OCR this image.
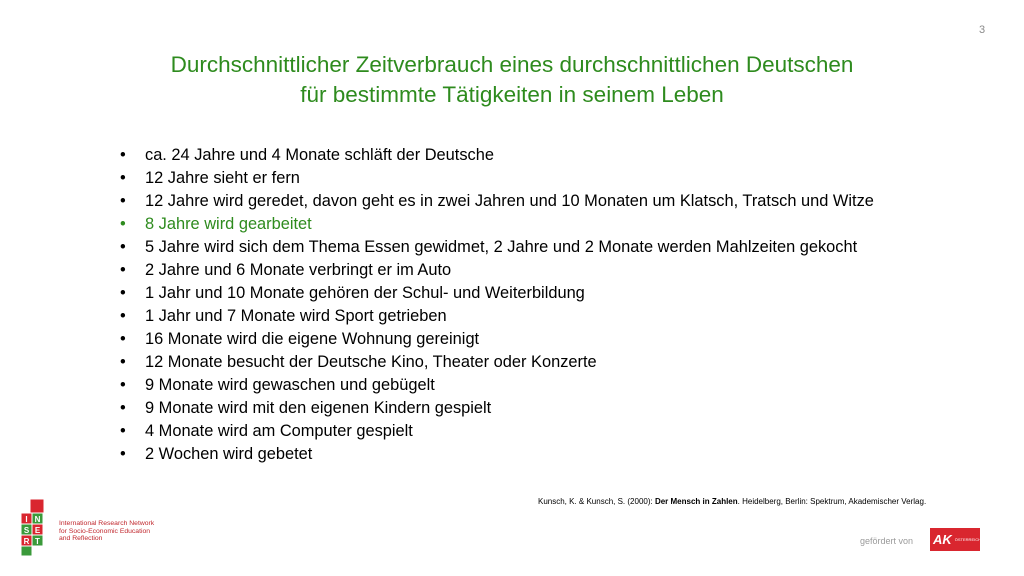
3
Durchschnittlicher Zeitverbrauch eines durchschnittlichen Deutschen
für bestimmte Tätigkeiten in seinem Leben
• ca. 24 Jahre und 4 Monate schläft der Deutsche
• 12 Jahre sieht er fern
• 12 Jahre wird geredet, davon geht es in zwei Jahren und 10 Monaten um Klatsch, Tratsch und Witze
• 8 Jahre wird gearbeitet
• 5 Jahre wird sich dem Thema Essen gewidmet, 2 Jahre und 2 Monate werden Mahlzeiten gekocht
• 2 Jahre und 6 Monate verbringt er im Auto
• 1 Jahr und 10 Monate gehören der Schul- und Weiterbildung
• 1 Jahr und 7 Monate wird Sport getrieben
• 16 Monate wird die eigene Wohnung gereinigt
• 12 Monate besucht der Deutsche Kino, Theater oder Konzerte
• 9 Monate wird gewaschen und gebügelt
• 9 Monate wird mit den eigenen Kindern gespielt
• 4 Monate wird am Computer gespielt
• 2 Wochen wird gebetet
Kunsch, K. & Kunsch, S. (2000): Der Mensch in Zahlen. Heidelberg, Berlin: Spektrum, Akademischer Verlag.
I N
S E
R T
International Research Network
for Socio-Economic Education
and Reflection	gefördert von AK ÖSTERREICH
